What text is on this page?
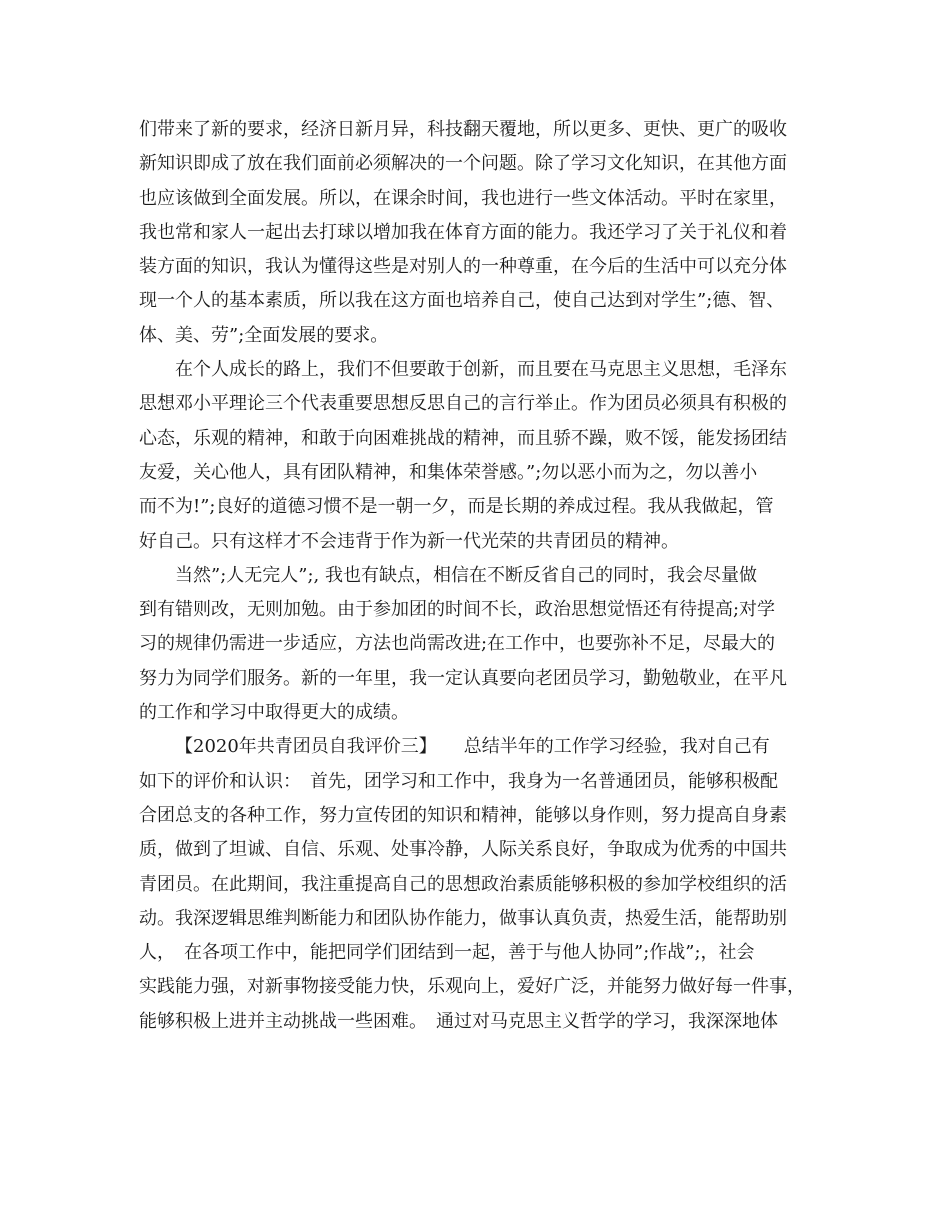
们带来了新的要求，经济日新月异，科技翻天覆地，所以更多、更快、更广的吸收
新知识即成了放在我们面前必须解决的一个问题。除了学习文化知识，在其他方面
也应该做到全面发展。所以，在课余时间，我也进行一些文体活动。平时在家里，
我也常和家人一起出去打球以增加我在体育方面的能力。我还学习了关于礼仪和着
装方面的知识，我认为懂得这些是对别人的一种尊重，在今后的生活中可以充分体
现一个人的基本素质，所以我在这方面也培养自己，使自己达到对学生”;德、智、
体、美、劳”;全面发展的要求。
在个人成长的路上，我们不但要敢于创新，而且要在马克思主义思想，毛泽东
思想邓小平理论三个代表重要思想反思自己的言行举止。作为团员必须具有积极的
心态，乐观的精神，和敢于向困难挑战的精神，而且骄不躁，败不馁，能发扬团结
友爱，关心他人，具有团队精神，和集体荣誉感。”;勿以恶小而为之，勿以善小
而不为!”;良好的道德习惯不是一朝一夕，而是长期的养成过程。我从我做起，管
好自己。只有这样才不会违背于作为新一代光荣的共青团员的精神。
当然”;人无完人”;, 我也有缺点，相信在不断反省自己的同时，我会尽量做
到有错则改，无则加勉。由于参加团的时间不长，政治思想觉悟还有待提高;对学
习的规律仍需进一步适应，方法也尚需改进;在工作中，也要弥补不足，尽最大的
努力为同学们服务。新的一年里，我一定认真要向老团员学习，勤勉敬业，在平凡
的工作和学习中取得更大的成绩。
【2020年共青团员自我评价三】　　总结半年的工作学习经验，我对自己有
如下的评价和认识：　首先，团学习和工作中，我身为一名普通团员，能够积极配
合团总支的各种工作，努力宣传团的知识和精神，能够以身作则，努力提高自身素
质，做到了坦诚、自信、乐观、处事冷静，人际关系良好，争取成为优秀的中国共
青团员。在此期间，我注重提高自己的思想政治素质能够积极的参加学校组织的活
动。我深逻辑思维判断能力和团队协作能力，做事认真负责，热爱生活，能帮助别
人，　在各项工作中，能把同学们团结到一起，善于与他人协同”;作战”;，社会
实践能力强，对新事物接受能力快，乐观向上，爱好广泛，并能努力做好每一件事，
能够积极上进并主动挑战一些困难。　通过对马克思主义哲学的学习，我深深地体
